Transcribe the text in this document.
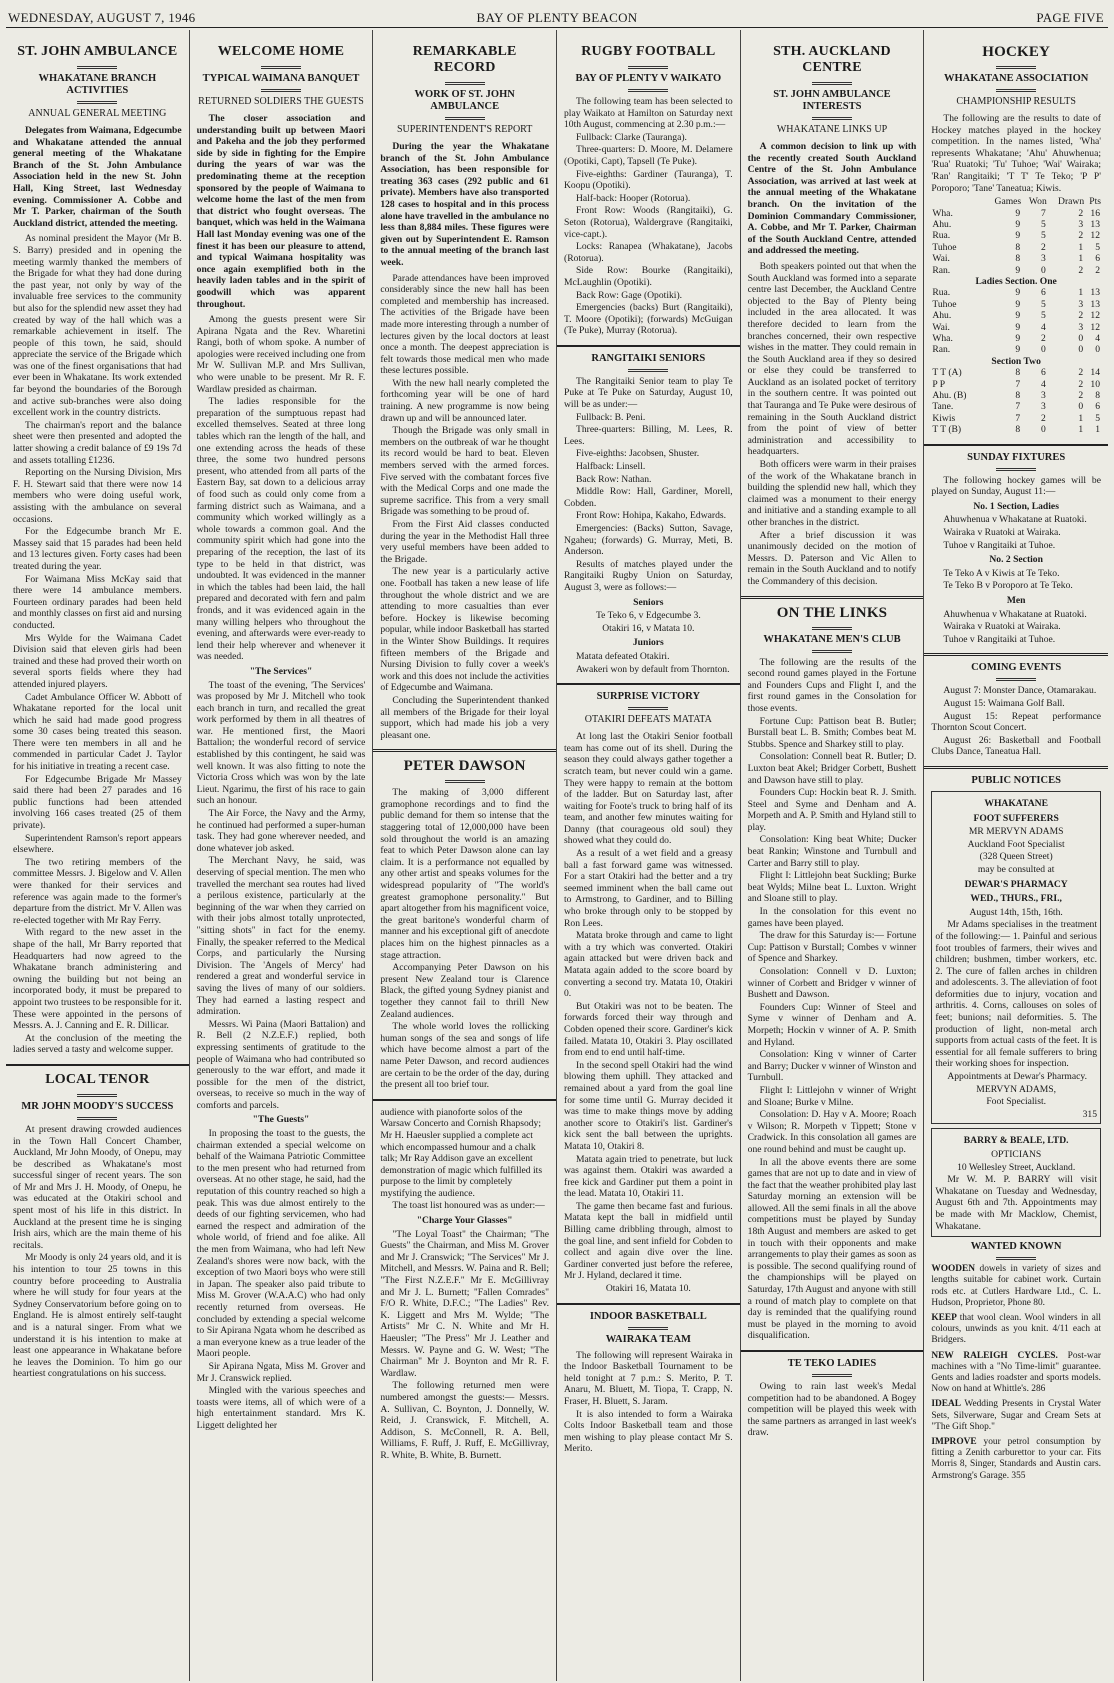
WEDNESDAY, AUGUST 7, 1946	BAY OF PLENTY BEACON	PAGE FIVE
ST. JOHN AMBULANCE
WHAKATANE BRANCH ACTIVITIES
ANNUAL GENERAL MEETING

Delegates from Waimana, Edgecumbe and Whakatane attended the annual general meeting of the Whakatane Branch of the St. John Ambulance Association held in the new St. John Hall, King Street, last Wednesday evening. Commissioner A. Cobbe and Mr T. Parker, chairman of the South Auckland district, attended the meeting.

As nominal president the Mayor (Mr B. S. Barry) presided and in opening the meeting warmly thanked the members of the Brigade for what they had done during the past year, not only by way of the invaluable free services to the community but also for the splendid new asset they had created by way of the hall which was a remarkable achievement in itself. The people of this town, he said, should appreciate the service of the Brigade which was one of the finest organisations that had ever been in Whakatane. Its work extended far beyond the boundaries of the Borough and active sub-branches were also doing excellent work in the country districts.

The chairman's report and the balance sheet were then presented and adopted the latter showing a credit balance of £9 19s 7d and assets totalling £1236.

Reporting on the Nursing Division, Mrs F. H. Stewart said that there were now 14 members who were doing useful work, assisting with the ambulance on several occasions.

For the Edgecumbe branch Mr E. Massey said that 15 parades had been held and 13 lectures given. Forty cases had been treated during the year.

For Waimana Miss McKay said that there were 14 ambulance members. Fourteen ordinary parades had been held and monthly classes on first aid and nursing conducted.

Mrs Wylde for the Waimana Cadet Division said that eleven girls had been trained and these had proved their worth on several sports fields where they had attended injured players.

Cadet Ambulance Officer W. Abbott of Whakatane reported for the local unit which he said had made good progress some 30 cases being treated this season. There were ten members in all and he commended in particular Cadet J. Taylor for his initiative in treating a recent case.

For Edgecumbe Brigade Mr Massey said there had been 27 parades and 16 public functions had been attended involving 166 cases treated (25 of them private).

Superintendent Ramson's report appears elsewhere.

The two retiring members of the committee Messrs. J. Bigelow and V. Allen were thanked for their services and reference was again made to the former's departure from the district. Mr V. Allen was re-elected together with Mr Ray Ferry.

With regard to the new asset in the shape of the hall, Mr Barry reported that Headquarters had now agreed to the Whakatane branch administering and owning the building but not being an incorporated body, it must be prepared to appoint two trustees to be responsible for it. These were appointed in the persons of Messrs. A. J. Canning and E. R. Dillicar.

At the conclusion of the meeting the ladies served a tasty and welcome supper.

LOCAL TENOR
MR JOHN MOODY'S SUCCESS

At present drawing crowded audiences in the Town Hall Concert Chamber, Auckland, Mr John Moody, of Onepu, may be described as Whakatane's most successful singer of recent years. The son of Mr and Mrs J. H. Moody, of Onepu, he was educated at the Otakiri school and spent most of his life in this district. In Auckland at the present time he is singing Irish airs, which are the main theme of his recitals.

Mr Moody is only 24 years old, and it is his intention to tour 25 towns in this country before proceeding to Australia where he will study for four years at the Sydney Conservatorium before going on to England. He is almost entirely self-taught and is a natural singer. From what we understand it is his intention to make at least one appearance in Whakatane before he leaves the Dominion. To him go our heartiest congratulations on his success.

WELCOME HOME
TYPICAL WAIMANA BANQUET
RETURNED SOLDIERS THE GUESTS

The closer association and understanding built up between Maori and Pakeha and the job they performed side by side in fighting for the Empire during the years of war was the predominating theme at the reception sponsored by the people of Waimana to welcome home the last of the men from that district who fought overseas. The banquet, which was held in the Waimana Hall last Monday evening was one of the finest it has been our pleasure to attend, and typical Waimana hospitality was once again exemplified both in the heavily laden tables and in the spirit of goodwill which was apparent throughout.

Among the guests present were Sir Apirana Ngata and the Rev. Wharetini Rangi, both of whom spoke. A number of apologies were received including one from Mr W. Sullivan M.P. and Mrs Sullivan, who were unable to be present. Mr R. F. Wardlaw presided as chairman.

The ladies responsible for the preparation of the sumptuous repast had excelled themselves. Seated at three long tables which ran the length of the hall, and one extending across the heads of these three, the some two hundred persons present, who attended from all parts of the Eastern Bay, sat down to a delicious array of food such as could only come from a farming district such as Waimana, and a community which worked willingly as a whole towards a common goal. And the community spirit which had gone into the preparing of the reception, the last of its type to be held in that district, was undoubted. It was evidenced in the manner in which the tables had been laid, the hall prepared and decorated with fern and palm fronds, and it was evidenced again in the many willing helpers who throughout the evening, and afterwards were ever-ready to lend their help wherever and whenever it was needed.

"The Services"

The toast of the evening, 'The Services' was proposed by Mr J. Mitchell who took each branch in turn, and recalled the great work performed by them in all theatres of war. He mentioned first, the Maori Battalion; the wonderful record of service established by this contingent, he said was well known. It was also fitting to note the Victoria Cross which was won by the late Lieut. Ngarimu, the first of his race to gain such an honour.

The Air Force, the Navy and the Army, he continued had performed a super-human task. They had gone wherever needed, and done whatever job asked.

The Merchant Navy, he said, was deserving of special mention. The men who travelled the merchant sea routes had lived a perilous existence, particularly at the beginning of the war when they carried on with their jobs almost totally unprotected, "sitting shots" in fact for the enemy. Finally, the speaker referred to the Medical Corps, and particularly the Nursing Division. The 'Angels of Mercy' had rendered a great and wonderful service in saving the lives of many of our soldiers. They had earned a lasting respect and admiration.

Messrs. Wi Paina (Maori Battalion) and R. Bell (2 N.Z.E.F.) replied, both expressing sentiments of gratitude to the people of Waimana who had contributed so generously to the war effort, and made it possible for the men of the district, overseas, to receive so much in the way of comforts and parcels.

"The Guests"

In proposing the toast to the guests, the chairman extended a special welcome on behalf of the Waimana Patriotic Committee to the men present who had returned from overseas. At no other stage, he said, had the reputation of this country reached so high a peak. This was due almost entirely to the deeds of our fighting servicemen, who had earned the respect and admiration of the whole world, of friend and foe alike. All the men from Waimana, who had left New Zealand's shores were now back, with the exception of two Maori boys who were still in Japan. The speaker also paid tribute to Miss M. Grover (W.A.A.C) who had only recently returned from overseas. He concluded by extending a special welcome to Sir Apirana Ngata whom he described as a man everyone knew as a true leader of the Maori people.

Sir Apirana Ngata, Miss M. Grover and Mr J. Cranswick replied.

Mingled with the various speeches and toasts were items, all of which were of a high entertainment standard. Mrs K. Liggett delighted her

REMARKABLE RECORD
WORK OF ST. JOHN AMBULANCE
SUPERINTENDENT'S REPORT

During the year the Whakatane branch of the St. John Ambulance Association, has been responsible for treating 363 cases (292 public and 61 private). Members have also transported 128 cases to hospital and in this process alone have travelled in the ambulance no less than 8,884 miles. These figures were given out by Superintendent E. Ramson to the annual meeting of the branch last week.

Parade attendances have been improved considerably since the new hall has been completed and membership has increased. The activities of the Brigade have been made more interesting through a number of lectures given by the local doctors at least once a month. The deepest appreciation is felt towards those medical men who made these lectures possible.

With the new hall nearly completed the forthcoming year will be one of hard training. A new programme is now being drawn up and will be announced later.

Though the Brigade was only small in members on the outbreak of war he thought its record would be hard to beat. Eleven members served with the armed forces. Five served with the combatant forces five with the Medical Corps and one made the supreme sacrifice. This from a very small Brigade was something to be proud of.

From the First Aid classes conducted during the year in the Methodist Hall three very useful members have been added to the Brigade.

The new year is a particularly active one. Football has taken a new lease of life throughout the whole district and we are attending to more casualties than ever before. Hockey is likewise becoming popular, while indoor Basketball has started in the Winter Show Buildings. It requires fifteen members of the Brigade and Nursing Division to fully cover a week's work and this does not include the activities of Edgecumbe and Waimana.

Concluding the Superintendent thanked all members of the Brigade for their loyal support, which had made his job a very pleasant one.

PETER DAWSON

The making of 3,000 different gramophone recordings and to find the public demand for them so intense that the staggering total of 12,000,000 have been sold throughout the world is an amazing feat to which Peter Dawson alone can lay claim. It is a performance not equalled by any other artist and speaks volumes for the widespread popularity of "The world's greatest gramophone personality." But apart altogether from his magnificent voice, the great baritone's wonderful charm of manner and his exceptional gift of anecdote places him on the highest pinnacles as a stage attraction.

Accompanying Peter Dawson on his present New Zealand tour is Clarence Black, the gifted young Sydney pianist and together they cannot fail to thrill New Zealand audiences.

The whole world loves the rollicking human songs of the sea and songs of life which have become almost a part of the name Peter Dawson, and record audiences are certain to be the order of the day, during the present all too brief tour.

audience with pianoforte solos of the Warsaw Concerto and Cornish Rhapsody; Mr H. Haeusler supplied a complete act which encompassed humour and a chalk talk; Mr Ray Addison gave an excellent demonstration of magic which fulfilled its purpose to the limit by completely mystifying the audience.

The toast list honoured was as under:—

"Charge Your Glasses"

"The Loyal Toast" the Chairman; "The Guests" the Chairman, and Miss M. Grover and Mr J. Cranswick; "The Services" Mr J. Mitchell, and Messrs. W. Paina and R. Bell; "The First N.Z.E.F." Mr E. McGillivray and Mr J. L. Burnett; "Fallen Comrades" F/O R. White, D.F.C.; "The Ladies" Rev. K. Liggett and Mrs M. Wylde; "The Artists" Mr C. N. White and Mr H. Haeusler; "The Press" Mr J. Leather and Messrs. W. Payne and G. W. West; "The Chairman" Mr J. Boynton and Mr R. F. Wardlaw.

The following returned men were numbered amongst the guests:— Messrs. A. Sullivan, C. Boynton, J. Donnelly, W. Reid, J. Cranswick, F. Mitchell, A. Addison, S. McConnell, R. A. Bell, Williams, F. Ruff, J. Ruff, E. McGillivray, R. White, B. White, B. Burnett.

RUGBY FOOTBALL
BAY OF PLENTY V WAIKATO

The following team has been selected to play Waikato at Hamilton on Saturday next 10th August, commencing at 2.30 p.m.:—

Fullback: Clarke (Tauranga).

Three-quarters: D. Moore, M. Delamere (Opotiki, Capt), Tapsell (Te Puke).

Five-eighths: Gardiner (Tauranga), T. Koopu (Opotiki).

Half-back: Hooper (Rotorua).

Front Row: Woods (Rangitaiki), G. Seton (Rotorua), Waldergrave (Rangitaiki, vice-capt.).

Locks: Ranapea (Whakatane), Jacobs (Rotorua).

Side Row: Bourke (Rangitaiki), McLaughlin (Opotiki).

Back Row: Gage (Opotiki).

Emergencies (backs) Burt (Rangitaiki), T. Moore (Opotiki); (forwards) McGuigan (Te Puke), Murray (Rotorua).

RANGITAIKI SENIORS

The Rangitaiki Senior team to play Te Puke at Te Puke on Saturday, August 10, will be as under:—

Fullback: B. Peni.

Three-quarters: Billing, M. Lees, R. Lees.

Five-eighths: Jacobsen, Shuster.

Halfback: Linsell.

Back Row: Nathan.

Middle Row: Hall, Gardiner, Morell, Cobden.

Front Row: Hohipa, Kakaho, Edwards.

Emergencies: (Backs) Sutton, Savage, Ngaheu; (forwards) G. Murray, Meti, B. Anderson.

Results of matches played under the Rangitaiki Rugby Union on Saturday, August 3, were as follows:—

Seniors

Te Teko 6, v Edgecumbe 3.

Otakiri 16, v Matata 10.

Juniors

Matata defeated Otakiri.

Awakeri won by default from Thornton.

SURPRISE VICTORY
OTAKIRI DEFEATS MATATA

At long last the Otakiri Senior football team has come out of its shell. During the season they could always gather together a scratch team, but never could win a game. They were happy to remain at the bottom of the ladder. But on Saturday last, after waiting for Foote's truck to bring half of its team, and another few minutes waiting for Danny (that courageous old soul) they showed what they could do.

As a result of a wet field and a greasy ball a fast forward game was witnessed. For a start Otakiri had the better and a try seemed imminent when the ball came out to Armstrong, to Gardiner, and to Billing who broke through only to be stopped by Ron Lees.

Matata broke through and came to light with a try which was converted. Otakiri again attacked but were driven back and Matata again added to the score board by converting a second try. Matata 10, Otakiri 0.

But Otakiri was not to be beaten. The forwards forced their way through and Cobden opened their score. Gardiner's kick failed. Matata 10, Otakiri 3. Play oscillated from end to end until half-time.

In the second spell Otakiri had the wind blowing them uphill. They attacked and remained about a yard from the goal line for some time until G. Murray decided it was time to make things move by adding another score to Otakiri's list. Gardiner's kick sent the ball between the uprights. Matata 10, Otakiri 8.

Matata again tried to penetrate, but luck was against them. Otakiri was awarded a free kick and Gardiner put them a point in the lead. Matata 10, Otakiri 11.

The game then became fast and furious. Matata kept the ball in midfield until Billing came dribbling through, almost to the goal line, and sent infield for Cobden to collect and again dive over the line. Gardiner converted just before the referee, Mr J. Hyland, declared it time.

Otakiri 16, Matata 10.

INDOOR BASKETBALL
WAIRAKA TEAM

The following will represent Wairaka in the Indoor Basketball Tournament to be held tonight at 7 p.m.: S. Merito, P. T. Anaru, M. Bluett, M. Tiopa, T. Crapp, N. Fraser, H. Bluett, S. Jaram.

It is also intended to form a Wairaka Colts Indoor Basketball team and those men wishing to play please contact Mr S. Merito.

STH. AUCKLAND CENTRE
ST. JOHN AMBULANCE INTERESTS
WHAKATANE LINKS UP

A common decision to link up with the recently created South Auckland Centre of the St. John Ambulance Association, was arrived at last week at the annual meeting of the Whakatane branch. On the invitation of the Dominion Commandary Commissioner, A. Cobbe, and Mr T. Parker, Chairman of the South Auckland Centre, attended and addressed the meeting.

Both speakers pointed out that when the South Auckland was formed into a separate centre last December, the Auckland Centre objected to the Bay of Plenty being included in the area allocated. It was therefore decided to learn from the branches concerned, their own respective wishes in the matter. They could remain in the South Auckland area if they so desired or else they could be transferred to Auckland as an isolated pocket of territory in the southern centre. It was pointed out that Tauranga and Te Puke were desirous of remaining in the South Auckland district from the point of view of better administration and accessibility to headquarters.

Both officers were warm in their praises of the work of the Whakatane branch in building the splendid new hall, which they claimed was a monument to their energy and initiative and a standing example to all other branches in the district.

After a brief discussion it was unanimously decided on the motion of Messrs. D. Paterson and Vic Allen to remain in the South Auckland and to notify the Commandery of this decision.

ON THE LINKS
WHAKATANE MEN'S CLUB

The following are the results of the second round games played in the Fortune and Founders Cups and Flight I, and the first round games in the Consolation for those events.

Fortune Cup: Pattison beat B. Butler; Burstall beat L. B. Smith; Combes beat M. Stubbs. Spence and Sharkey still to play.

Consolation: Connell beat R. Butler; D. Luxton beat Akel; Bridger Corbett, Bushett and Dawson have still to play.

Founders Cup: Hockin beat R. J. Smith. Steel and Syme and Denham and A. Morpeth and A. P. Smith and Hyland still to play.

Consolation: King beat White; Ducker beat Rankin; Winstone and Turnbull and Carter and Barry still to play.

Flight I: Littlejohn beat Suckling; Burke beat Wylds; Milne beat L. Luxton. Wright and Sloane still to play.

In the consolation for this event no games have been played.

The draw for this Saturday is:— Fortune Cup: Pattison v Burstall; Combes v winner of Spence and Sharkey.

Consolation: Connell v D. Luxton; winner of Corbett and Bridger v winner of Bushett and Dawson.

Founders Cup: Winner of Steel and Syme v winner of Denham and A. Morpeth; Hockin v winner of A. P. Smith and Hyland.

Consolation: King v winner of Carter and Barry; Ducker v winner of Winston and Turnbull.

Flight I: Littlejohn v winner of Wright and Sloane; Burke v Milne.

Consolation: D. Hay v A. Moore; Roach v Wilson; R. Morpeth v Tippett; Stone v Cradwick. In this consolation all games are one round behind and must be caught up.

In all the above events there are some games that are not up to date and in view of the fact that the weather prohibited play last Saturday morning an extension will be allowed. All the semi finals in all the above competitions must be played by Sunday 18th August and members are asked to get in touch with their opponents and make arrangements to play their games as soon as is possible. The second qualifying round of the championships will be played on Saturday, 17th August and anyone with still a round of match play to complete on that day is reminded that the qualifying round must be played in the morning to avoid disqualification.

TE TEKO LADIES

Owing to rain last week's Medal competition had to be abandoned. A Bogey competition will be played this week with the same partners as arranged in last week's draw.

HOCKEY
WHAKATANE ASSOCIATION
CHAMPIONSHIP RESULTS

The following are the results to date of Hockey matches played in the hockey competition. In the names listed, 'Wha' represents Whakatane; 'Ahu' Ahuwhenua; 'Rua' Ruatoki; 'Tu' Tuhoe; 'Wai' Wairaka; 'Ran' Rangitaiki; 'T T' Te Teko; 'P P' Poroporo; 'Tane' Taneatua; Kiwis.

	Games	Won	Drawn	Pts
Wha.	9	7	2	16
Ahu.	9	5	3	13
Rua.	9	5	2	12
Tuhoe	8	2	1	5
Wai.	8	3	1	6
Ran.	9	0	2	2
Ladies Section. One				
Rua.	9	6	1	13
Tuhoe	9	5	3	13
Ahu.	9	5	2	12
Wai.	9	4	3	12
Wha.	9	2	0	4
Ran.	9	0	0	0
Section Two				
T T (A)	8	6	2	14
P P	7	4	2	10
Ahu. (B)	8	3	2	8
Tane.	7	3	0	6
Kiwis	7	2	1	5
T T (B)	8	0	1	1
SUNDAY FIXTURES

The following hockey games will be played on Sunday, August 11:—

No. 1 Section, Ladies

Ahuwhenua v Whakatane at Ruatoki.

Wairaka v Ruatoki at Wairaka.

Tuhoe v Rangitaiki at Tuhoe.

No. 2 Section

Te Teko A v Kiwis at Te Teko.

Te Teko B v Poroporo at Te Teko.

Men

Ahuwhenua v Whakatane at Ruatoki.

Wairaka v Ruatoki at Wairaka.

Tuhoe v Rangitaiki at Tuhoe.

COMING EVENTS

August 7: Monster Dance, Otamarakau.

August 15: Waimana Golf Ball.

August 15: Repeat performance Thornton Scout Concert.

August 26: Basketball and Football Clubs Dance, Taneatua Hall.

PUBLIC NOTICES

WHAKATANE

FOOT SUFFERERS

MR MERVYN ADAMS

Auckland Foot Specialist

(328 Queen Street)

may be consulted at

DEWAR'S PHARMACY

WED., THURS., FRI.,

August 14th, 15th, 16th.

Mr Adams specialises in the treatment of the following:— 1. Painful and serious foot troubles of farmers, their wives and children; bushmen, timber workers, etc. 2. The cure of fallen arches in children and adolescents. 3. The alleviation of foot deformities due to injury, vocation and arthritis. 4. Corns, callouses on soles of feet; bunions; nail deformities. 5. The production of light, non-metal arch supports from actual casts of the feet. It is essential for all female sufferers to bring their working shoes for inspection.

Appointments at Dewar's Pharmacy.

MERVYN ADAMS,

Foot Specialist.

315

BARRY & BEALE, LTD.

OPTICIANS

10 Wellesley Street, Auckland.

Mr W. M. P. BARRY will visit Whakatane on Tuesday and Wednesday, August 6th and 7th. Appointments may be made with Mr Macklow, Chemist, Whakatane.

WANTED KNOWN

WOODEN dowels in variety of sizes and lengths suitable for cabinet work. Curtain rods etc. at Cutlers Hardware Ltd., C. L. Hudson, Proprietor, Phone 80.

KEEP that wool clean. Wool winders in all colours, unwinds as you knit. 4/11 each at Bridgers.

NEW RALEIGH CYCLES. Post-war machines with a "No Time-limit" guarantee. Gents and ladies roadster and sports models. Now on hand at Whittle's. 286

IDEAL Wedding Presents in Crystal Water Sets, Silverware, Sugar and Cream Sets at "The Gift Shop."

IMPROVE your petrol consumption by fitting a Zenith carburettor to your car. Fits Morris 8, Singer, Standards and Austin cars. Armstrong's Garage. 355
